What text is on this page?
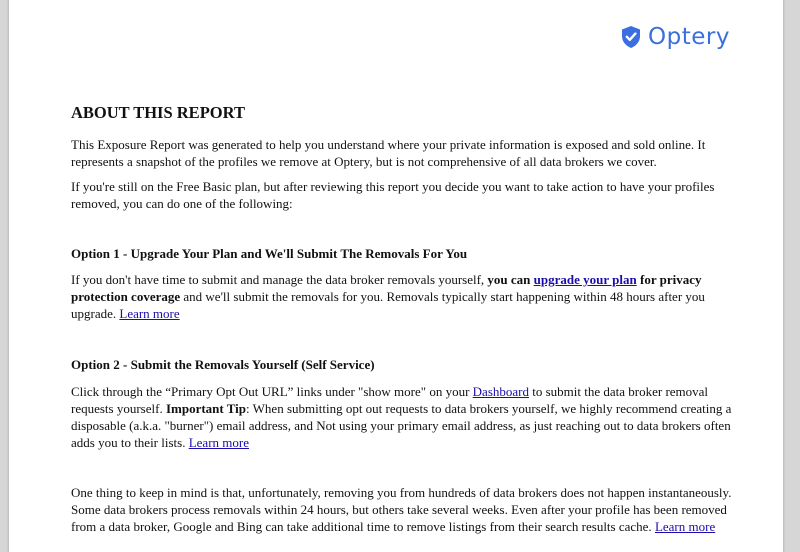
Optery
ABOUT THIS REPORT

This Exposure Report was generated to help you understand where your private information is exposed and sold online. It represents a snapshot of the profiles we remove at Optery, but is not comprehensive of all data brokers we cover.

If you're still on the Free Basic plan, but after reviewing this report you decide you want to take action to have your profiles removed, you can do one of the following:

Option 1 - Upgrade Your Plan and We'll Submit The Removals For You

If you don't have time to submit and manage the data broker removals yourself, you can upgrade your plan for privacy protection coverage and we'll submit the removals for you. Removals typically start happening within 48 hours after you upgrade. Learn more

Option 2 - Submit the Removals Yourself (Self Service)

Click through the “Primary Opt Out URL” links under "show more" on your Dashboard to submit the data broker removal requests yourself. Important Tip: When submitting opt out requests to data brokers yourself, we highly recommend creating a disposable (a.k.a. "burner") email address, and Not using your primary email address, as just reaching out to data brokers often adds you to their lists. Learn more

One thing to keep in mind is that, unfortunately, removing you from hundreds of data brokers does not happen instantaneously. Some data brokers process removals within 24 hours, but others take several weeks. Even after your profile has been removed from a data broker, Google and Bing can take additional time to remove listings from their search results cache. Learn more
